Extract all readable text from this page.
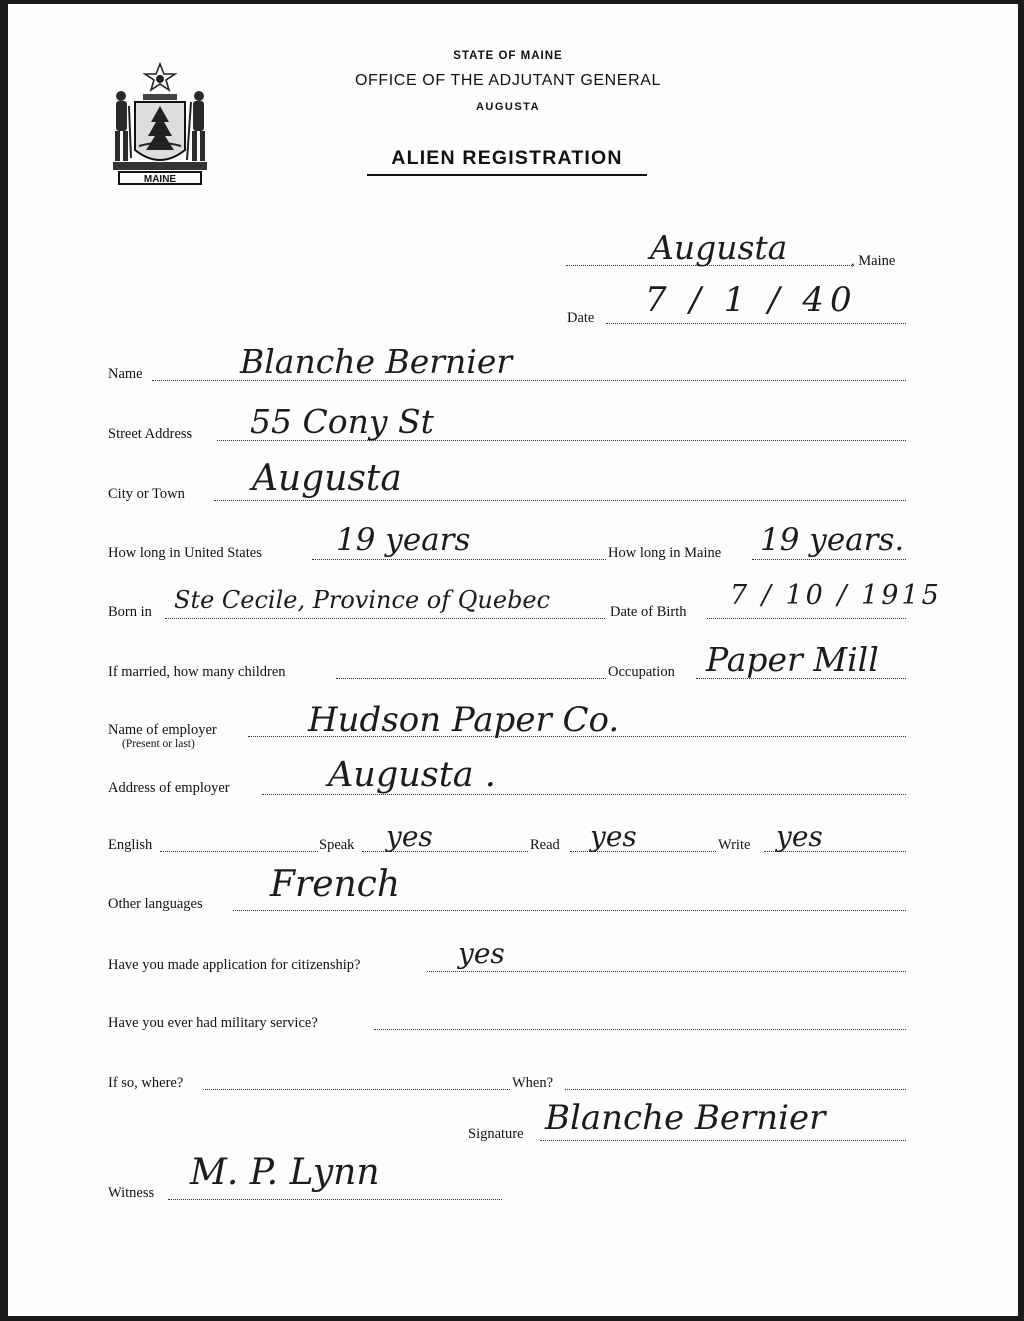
MAINE
STATE OF MAINE
OFFICE OF THE ADJUTANT GENERAL
AUGUSTA
ALIEN REGISTRATION
Augusta	, Maine
Date 7 / 1 / 40
Name	Blanche Bernier
Street Address 55 Cony St
City or Town Augusta
How long in United States 19 years	How long in Maine 19 years.
Born in Ste Cecile, Province of Quebec	Date of Birth
7 / 10 / 1915
If married, how many children	Occupation Paper Mill
Name of employer
(Present or last)
Hudson Paper Co.
Address of employer	Augusta .
English	Speak yes	Read yes	Write yes
Other languages French
Have you made application for citizenship?	yes
Have you ever had military service?
If so, where?	When?
Signature Blanche Bernier
Witness M. P. Lynn
